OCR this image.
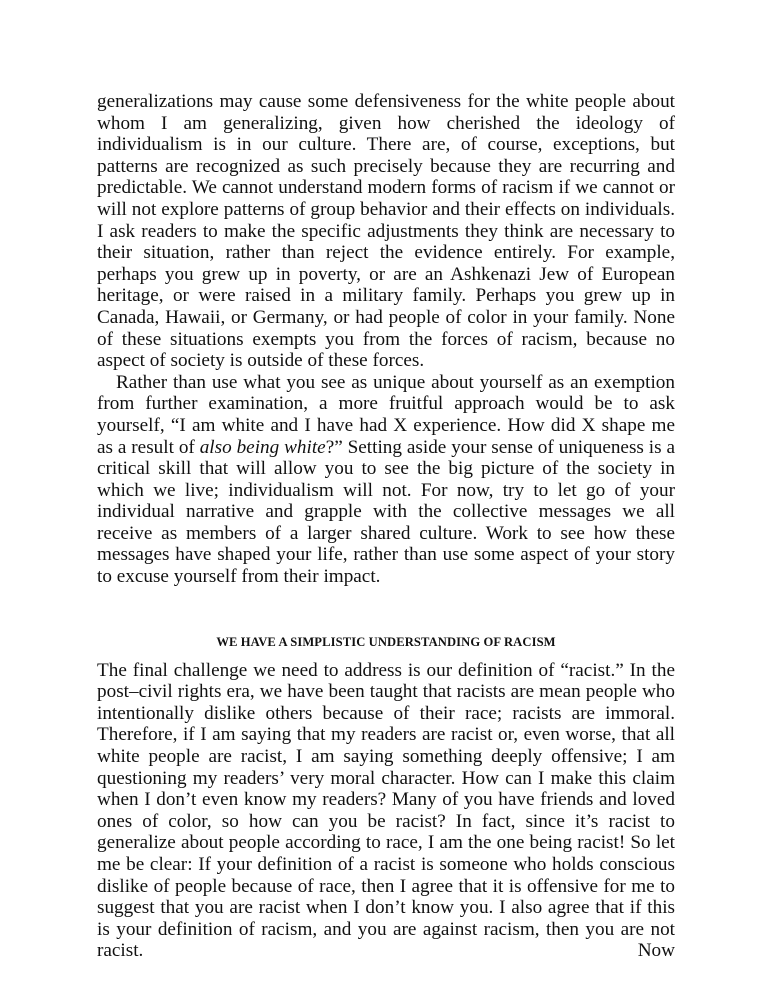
generalizations may cause some defensiveness for the white people about whom I am generalizing, given how cherished the ideology of individualism is in our culture. There are, of course, exceptions, but patterns are recognized as such precisely because they are recurring and predictable. We cannot understand modern forms of racism if we cannot or will not explore patterns of group behavior and their effects on individuals. I ask readers to make the specific adjustments they think are necessary to their situation, rather than reject the evidence entirely. For example, perhaps you grew up in poverty, or are an Ashkenazi Jew of European heritage, or were raised in a military family. Perhaps you grew up in Canada, Hawaii, or Germany, or had people of color in your family. None of these situations exempts you from the forces of racism, because no aspect of society is outside of these forces.

Rather than use what you see as unique about yourself as an exemption from further examination, a more fruitful approach would be to ask yourself, “I am white and I have had X experience. How did X shape me as a result of also being white?” Setting aside your sense of uniqueness is a critical skill that will allow you to see the big picture of the society in which we live; individualism will not. For now, try to let go of your individual narrative and grapple with the collective messages we all receive as members of a larger shared culture. Work to see how these messages have shaped your life, rather than use some aspect of your story to excuse yourself from their impact.

WE HAVE A SIMPLISTIC UNDERSTANDING OF RACISM

The final challenge we need to address is our definition of “racist.” In the post–civil rights era, we have been taught that racists are mean people who intentionally dislike others because of their race; racists are immoral. Therefore, if I am saying that my readers are racist or, even worse, that all white people are racist, I am saying something deeply offensive; I am questioning my readers’ very moral character. How can I make this claim when I don’t even know my readers? Many of you have friends and loved ones of color, so how can you be racist? In fact, since it’s racist to generalize about people according to race, I am the one being racist! So let me be clear: If your definition of a racist is someone who holds conscious dislike of people because of race, then I agree that it is offensive for me to suggest that you are racist when I don’t know you. I also agree that if this is your definition of racism, and you are against racism, then you are not racist. Now
